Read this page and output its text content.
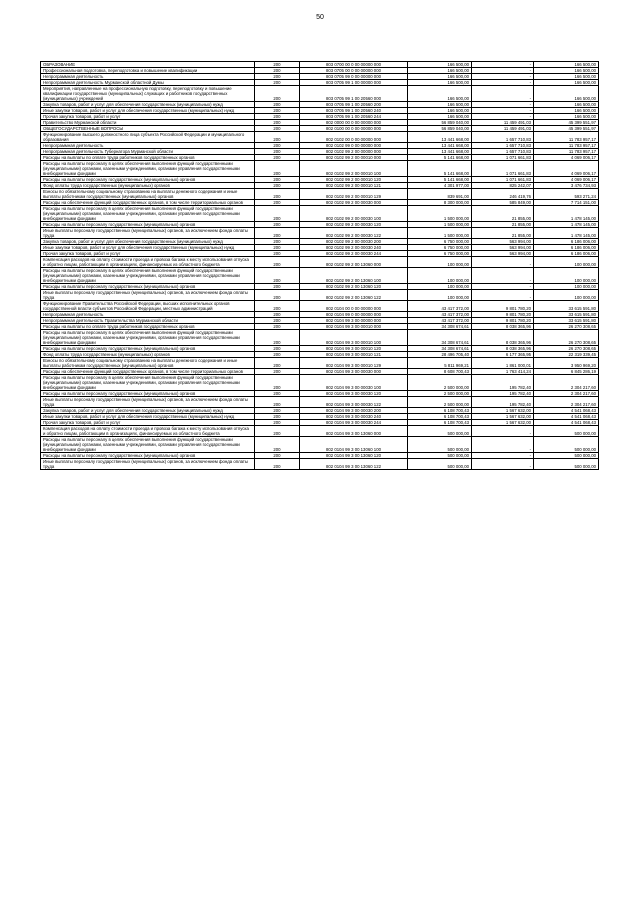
50
ОБРАЗОВАНИЕ	200	803 0700 00 0 00 00000 000	166 500,00	-	166 500,00
Профессиональная подготовка, переподготовка и повышение квалификации	200	803 0705 00 0 00 00000 000	166 500,00	-	166 500,00
Непрограммная деятельность	200	803 0705 99 0 00 00000 000	166 500,00	-	166 500,00
Непрограммная деятельность Мурманской областной Думы	200	803 0705 99 1 00 00000 000	166 500,00	-	166 500,00
Мероприятия, направленные на профессиональную подготовку, переподготовку и повышение квалификации государственных (муниципальных) служащих и работников государственных (муниципальных) учреждений	200	803 0705 99 1 00 20560 000	166 500,00	-	166 500,00
Закупка товаров, работ и услуг для обеспечения государственных (муниципальных) нужд	200	803 0705 99 1 00 20560 200	166 500,00	-	166 500,00
Иные закупки товаров, работ и услуг для обеспечения государственных (муниципальных) нужд	200	803 0705 99 1 00 20560 240	166 500,00	-	166 500,00
Прочая закупка товаров, работ и услуг	200	803 0705 99 1 00 20560 244	166 500,00	-	166 500,00
Правительство Мурманской области	200	802 0000 00 0 00 00000 000	56 859 040,00	11 459 491,03	45 399 551,97
ОБЩЕГОСУДАРСТВЕННЫЕ ВОПРОСЫ	200	802 0100 00 0 00 00000 000	56 859 040,00	11 459 491,03	45 399 551,97
Функционирование высшего должностного лица субъекта Российской Федерации и муниципального образования	200	802 0102 00 0 00 00000 000	13 441 668,00	1 657 710,83	11 783 957,17
Непрограммная деятельность	200	802 0102 99 0 00 00000 000	13 441 668,00	1 657 710,83	11 783 957,17
Непрограммная деятельность Губернатора Мурманской области	200	802 0102 99 2 00 00000 000	13 441 668,00	1 657 710,83	11 783 957,17
Расходы на выплаты по оплате труда работников государственных органов	200	802 0102 99 2 00 00010 000	5 141 668,00	1 071 661,83	4 069 006,17
Расходы на выплаты персоналу в целях обеспечения выполнения функций государственными (муниципальными) органами, казенными учреждениями, органами управления государственными внебюджетными фондами	200	802 0102 99 2 00 00010 100	5 141 668,00	1 071 661,83	4 069 006,17
Расходы на выплаты персоналу государственных (муниципальных) органов	200	802 0102 99 2 00 00010 120	5 141 668,00	1 071 661,83	4 069 006,17
Фонд оплаты труда государственных (муниципальных) органов	200	802 0102 99 2 00 00010 121	4 301 977,00	825 242,07	3 476 734,93
Взносы по обязательному социальному страхованию на выплаты денежного содержания и иные выплаты работникам государственных (муниципальных) органов	200	802 0102 99 2 00 00010 129	839 691,00	246 419,76	593 271,24
Расходы на обеспечение функций государственных органов, в том числе территориальных органов	200	802 0102 99 2 00 00030 000	8 300 000,00	585 849,00	7 714 151,00
Расходы на выплаты персоналу в целях обеспечения выполнения функций государственными (муниципальными) органами, казенными учреждениями, органами управления государственными внебюджетными фондами	200	802 0102 99 2 00 00030 100	1 500 000,00	21 855,00	1 478 145,00
Расходы на выплаты персоналу государственных (муниципальных) органов	200	802 0102 99 2 00 00030 120	1 500 000,00	21 855,00	1 478 145,00
Иные выплаты персоналу государственных (муниципальных) органов, за исключением фонда оплаты труда	200	802 0102 99 2 00 00030 122	1 500 000,00	21 855,00	1 478 145,00
Закупка товаров, работ и услуг для обеспечения государственных (муниципальных) нужд	200	802 0102 99 2 00 00030 200	6 750 000,00	563 994,00	6 186 006,00
Иные закупки товаров, работ и услуг для обеспечения государственных (муниципальных) нужд	200	802 0102 99 2 00 00030 240	6 750 000,00	563 994,00	6 186 006,00
Прочая закупка товаров, работ и услуг	200	802 0102 99 2 00 00030 244	6 750 000,00	563 994,00	6 186 006,00
Компенсация расходов на оплату стоимости проезда и провоза багажа к месту использования отпуска и обратно лицам, работающим в организациях, финансируемых из областного бюджета	200	802 0102 99 2 00 13060 000	100 000,00	-	100 000,00
Расходы на выплаты персоналу в целях обеспечения выполнения функций государственными (муниципальными) органами, казенными учреждениями, органами управления государственными внебюджетными фондами	200	802 0102 99 2 00 13060 100	100 000,00	-	100 000,00
Расходы на выплаты персоналу государственных (муниципальных) органов	200	802 0102 99 2 00 13060 120	100 000,00	-	100 000,00
Иные выплаты персоналу государственных (муниципальных) органов, за исключением фонда оплаты труда	200	802 0102 99 2 00 13060 122	100 000,00	-	100 000,00
Функционирование Правительства Российской Федерации, высших исполнительных органов государственной власти субъектов Российской Федерации, местных администраций	200	802 0104 00 0 00 00000 000	43 417 372,00	9 801 780,20	33 615 591,80
Непрограммная деятельность	200	802 0104 99 0 00 00000 000	43 417 372,00	9 801 780,20	33 615 591,80
Непрограммная деятельность Правительства Мурманской области	200	802 0104 99 3 00 00000 000	43 417 372,00	9 801 780,20	33 615 591,80
Расходы на выплаты по оплате труда работников государственных органов	200	802 0104 99 3 00 00010 000	34 308 674,61	8 038 365,96	26 270 308,65
Расходы на выплаты персоналу в целях обеспечения выполнения функций государственными (муниципальными) органами, казенными учреждениями, органами управления государственными внебюджетными фондами	200	802 0104 99 3 00 00010 100	34 308 674,61	8 038 365,96	26 270 308,65
Расходы на выплаты персоналу государственных (муниципальных) органов	200	802 0104 99 3 00 00010 120	34 308 674,61	8 038 365,96	26 270 308,65
Фонд оплаты труда государственных (муниципальных) органов	200	802 0104 99 3 00 00010 121	28 496 705,40	6 177 365,95	22 319 339,45
Взносы по обязательному социальному страхованию на выплаты денежного содержания и иные выплаты работникам государственных (муниципальных) органов	200	802 0104 99 3 00 00010 129	5 811 969,21	1 861 000,01	3 950 969,20
Расходы на обеспечение функций государственных органов, в том числе территориальных органов	200	802 0104 99 3 00 00030 000	8 608 700,43	1 763 414,24	6 845 286,19
Расходы на выплаты персоналу в целях обеспечения выполнения функций государственными (муниципальными) органами, казенными учреждениями, органами управления государственными внебюджетными фондами	200	802 0104 99 3 00 00030 100	2 500 000,00	195 782,40	2 304 217,60
Расходы на выплаты персоналу государственных (муниципальных) органов	200	802 0104 99 3 00 00030 120	2 500 000,00	195 782,40	2 304 217,60
Иные выплаты персоналу государственных (муниципальных) органов, за исключением фонда оплаты труда	200	802 0104 99 3 00 00030 122	2 500 000,00	195 782,40	2 304 217,60
Закупка товаров, работ и услуг для обеспечения государственных (муниципальных) нужд	200	802 0104 99 3 00 00030 200	6 108 700,43	1 567 632,00	4 541 068,43
Иные закупки товаров, работ и услуг для обеспечения государственных (муниципальных) нужд	200	802 0104 99 3 00 00030 240	6 108 700,43	1 567 632,00	4 541 068,43
Прочая закупка товаров, работ и услуг	200	802 0104 99 3 00 00030 244	6 108 700,43	1 567 632,00	4 541 068,43
Компенсация расходов на оплату стоимости проезда и провоза багажа к месту использования отпуска и обратно лицам, работающим в организациях, финансируемых из областного бюджета	200	802 0104 99 3 00 13060 000	500 000,00	-	500 000,00
Расходы на выплаты персоналу в целях обеспечения выполнения функций государственными (муниципальными) органами, казенными учреждениями, органами управления государственными внебюджетными фондами	200	802 0104 99 3 00 13060 100	500 000,00	-	500 000,00
Расходы на выплаты персоналу государственных (муниципальных) органов	200	802 0104 99 3 00 13060 120	500 000,00	-	500 000,00
Иные выплаты персоналу государственных (муниципальных) органов, за исключением фонда оплаты труда	200	802 0104 99 3 00 13060 122	500 000,00	-	500 000,00
